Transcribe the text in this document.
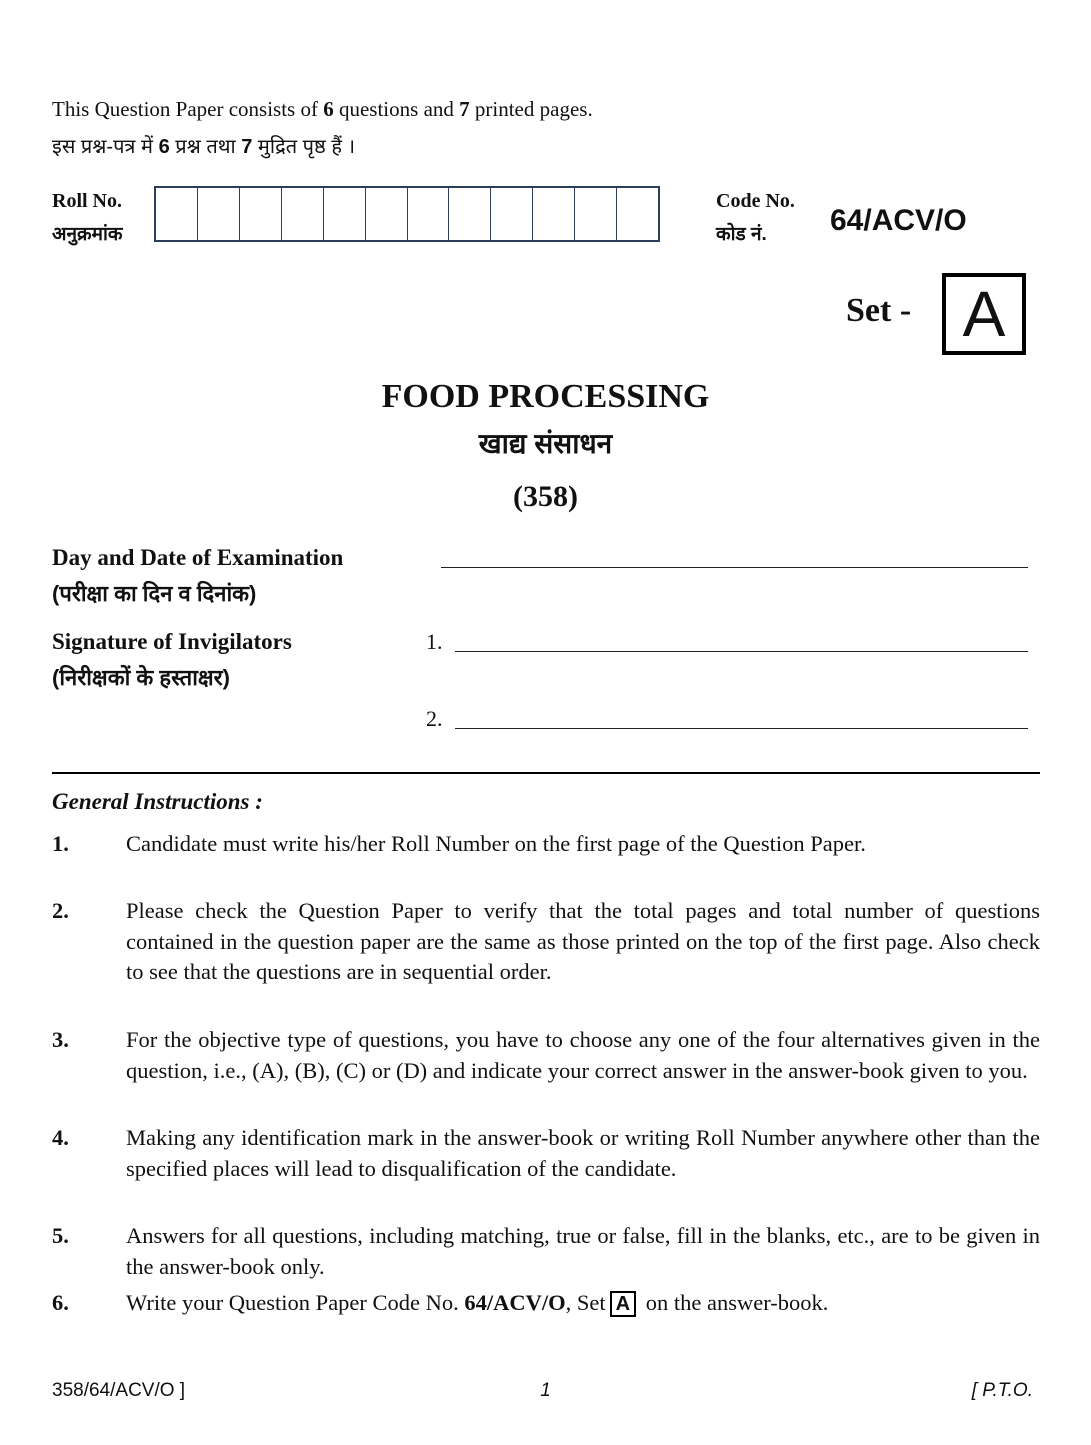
This Question Paper consists of 6 questions and 7 printed pages.
इस प्रश्न-पत्र में 6 प्रश्न तथा 7 मुद्रित पृष्ठ हैं ।
Roll No.
अनुक्रमांक
Code No.
कोड नं. 64/ACV/O
Set - A
FOOD PROCESSING
खाद्य संसाधन
(358)
Day and Date of Examination
(परीक्षा का दिन व दिनांक)
Signature of Invigilators
(निरीक्षकों के हस्ताक्षर)
1.
2.
General Instructions :
1.	Candidate must write his/her Roll Number on the first page of the Question Paper.
2.	Please check the Question Paper to verify that the total pages and total number of questions contained in the question paper are the same as those printed on the top of the first page. Also check to see that the questions are in sequential order.
3.	For the objective type of questions, you have to choose any one of the four alternatives given in the question, i.e., (A), (B), (C) or (D) and indicate your correct answer in the answer-book given to you.
4.	Making any identification mark in the answer-book or writing Roll Number anywhere other than the specified places will lead to disqualification of the candidate.
5.	Answers for all questions, including matching, true or false, fill in the blanks, etc., are to be given in the answer-book only.
6.	Write your Question Paper Code No. 64/ACV/O, Set A on the answer-book.
358/64/ACV/O ]	1	[ P.T.O.
